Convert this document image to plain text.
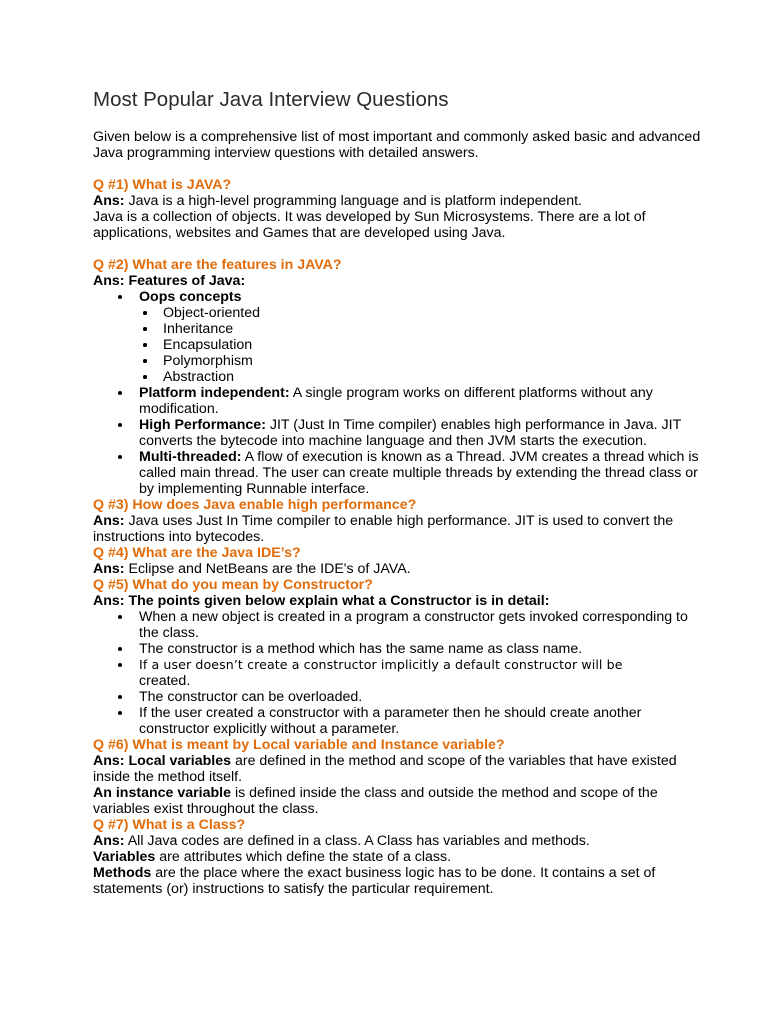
Most Popular Java Interview Questions

Given below is a comprehensive list of most important and commonly asked basic and advanced Java programming interview questions with detailed answers.

Q #1) What is JAVA?

Ans: Java is a high-level programming language and is platform independent.

Java is a collection of objects. It was developed by Sun Microsystems. There are a lot of applications, websites and Games that are developed using Java.

Q #2) What are the features in JAVA?

Ans: Features of Java:

Oops concepts
Object-oriented
Inheritance
Encapsulation
Polymorphism
Abstraction
Platform independent: A single program works on different platforms without any modification.
High Performance: JIT (Just In Time compiler) enables high performance in Java. JIT converts the bytecode into machine language and then JVM starts the execution.
Multi-threaded: A flow of execution is known as a Thread. JVM creates a thread which is called main thread. The user can create multiple threads by extending the thread class or by implementing Runnable interface.

Q #3) How does Java enable high performance?

Ans: Java uses Just In Time compiler to enable high performance. JIT is used to convert the instructions into bytecodes.

Q #4) What are the Java IDE’s?

Ans: Eclipse and NetBeans are the IDE's of JAVA.

Q #5) What do you mean by Constructor?

Ans: The points given below explain what a Constructor is in detail:

When a new object is created in a program a constructor gets invoked corresponding to the class.
The constructor is a method which has the same name as class name.
If a user doesn’t create a constructor implicitly a default constructor will be
created.
The constructor can be overloaded.
If the user created a constructor with a parameter then he should create another constructor explicitly without a parameter.

Q #6) What is meant by Local variable and Instance variable?

Ans: Local variables are defined in the method and scope of the variables that have existed inside the method itself.

An instance variable is defined inside the class and outside the method and scope of the variables exist throughout the class.

Q #7) What is a Class?

Ans: All Java codes are defined in a class. A Class has variables and methods.

Variables are attributes which define the state of a class.

Methods are the place where the exact business logic has to be done. It contains a set of statements (or) instructions to satisfy the particular requirement.
